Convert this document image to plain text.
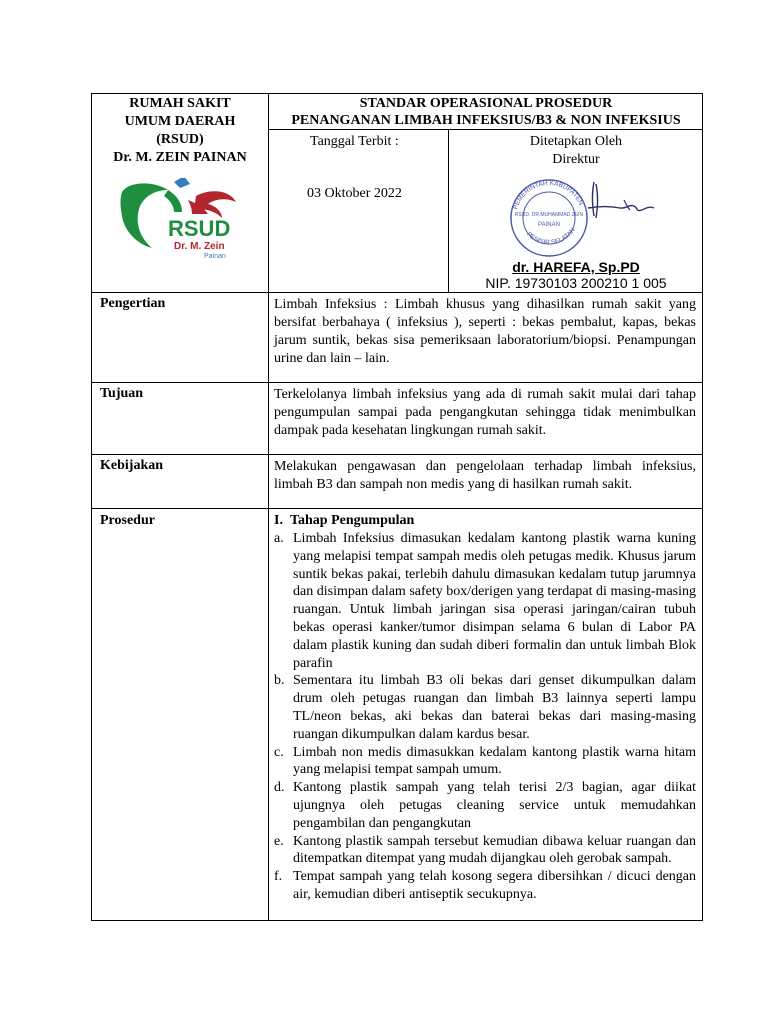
RUMAH SAKIT
UMUM DAERAH
(RSUD)
Dr. M. ZEIN PAINAN
RSUD
Dr. M. Zein
Painan
STANDAR OPERASIONAL PROSEDUR
PENANGANAN LIMBAH INFEKSIUS/B3 & NON INFEKSIUS
Tanggal Terbit :
03 Oktober 2022
Ditetapkan Oleh
Direktur
PEMERINTAH KABUPATEN
PESISIR SELATAN
RSUD. DR.MUHAMMAD ZEIN
PAINAN
dr. HAREFA, Sp.PD
NIP. 19730103 200210 1 005
Pengertian	Limbah Infeksius : Limbah khusus yang dihasilkan rumah sakit yang bersifat berbahaya ( infeksius ), seperti : bekas pembalut, kapas, bekas jarum suntik, bekas sisa pemeriksaan laboratorium/biopsi. Penampungan urine dan lain – lain.

Tujuan	Terkelolanya limbah infeksius yang ada di rumah sakit mulai dari tahap pengumpulan sampai pada pengangkutan sehingga tidak menimbulkan dampak pada kesehatan lingkungan rumah sakit.

Kebijakan	Melakukan pengawasan dan pengelolaan terhadap limbah infeksius, limbah B3 dan sampah non medis yang di hasilkan rumah sakit.

Prosedur	I. Tahap Pengumpulan
a. Limbah Infeksius dimasukan kedalam kantong plastik warna kuning yang melapisi tempat sampah medis oleh petugas medik. Khusus jarum suntik bekas pakai, terlebih dahulu dimasukan kedalam tutup jarumnya dan disimpan dalam safety box/derigen yang terdapat di masing-masing ruangan. Untuk limbah jaringan sisa operasi jaringan/cairan tubuh bekas operasi kanker/tumor disimpan selama 6 bulan di Labor PA dalam plastik kuning dan sudah diberi formalin dan untuk limbah Blok parafin
b. Sementara itu limbah B3 oli bekas dari genset dikumpulkan dalam drum oleh petugas ruangan dan limbah B3 lainnya seperti lampu TL/neon bekas, aki bekas dan baterai bekas dari masing-masing ruangan dikumpulkan dalam kardus besar.
c. Limbah non medis dimasukkan kedalam kantong plastik warna hitam yang melapisi tempat sampah umum.
d. Kantong plastik sampah yang telah terisi 2/3 bagian, agar diikat ujungnya oleh petugas cleaning service untuk memudahkan pengambilan dan pengangkutan
e. Kantong plastik sampah tersebut kemudian dibawa keluar ruangan dan ditempatkan ditempat yang mudah dijangkau oleh gerobak sampah.
f. Tempat sampah yang telah kosong segera dibersihkan / dicuci dengan air, kemudian diberi antiseptik secukupnya.
